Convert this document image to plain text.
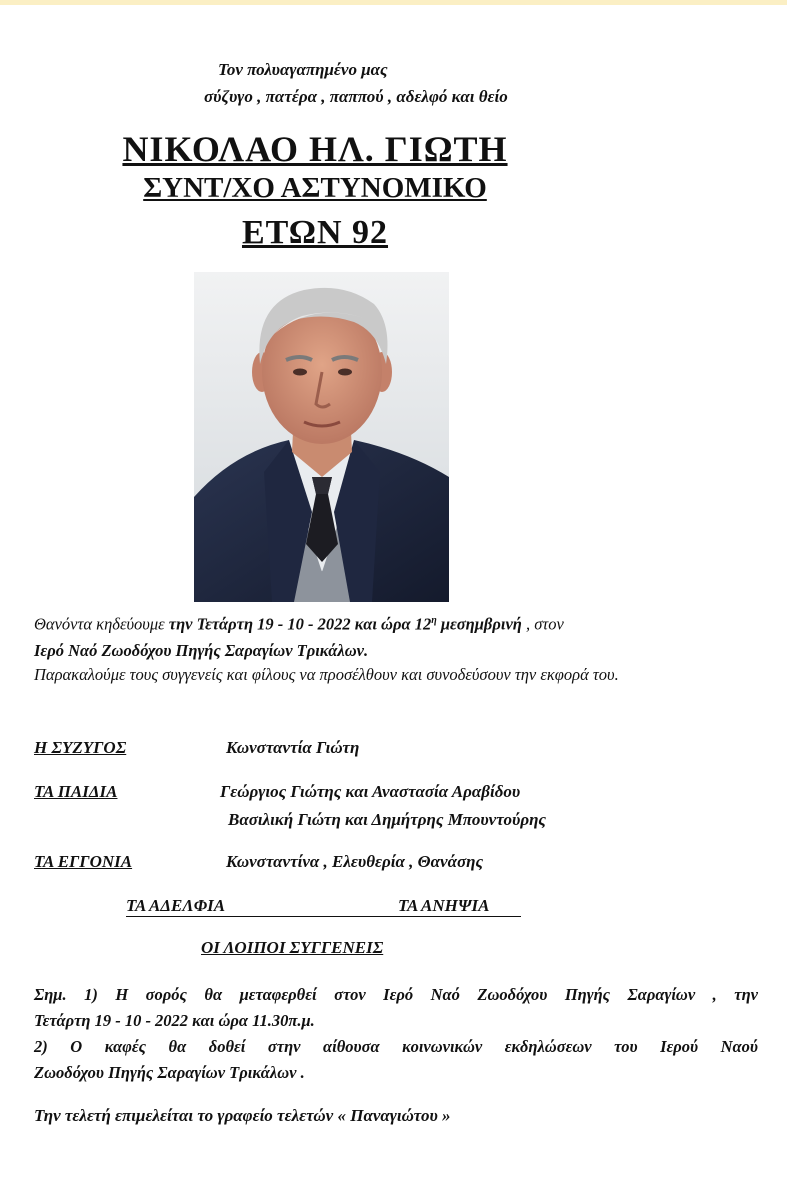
Τον πολυαγαπημένο μας
σύζυγο , πατέρα , παππού , αδελφό και θείο
ΝΙΚΟΛΑΟ ΗΛ. ΓΙΩΤΗ
ΣΥΝΤ/ΧΟ ΑΣΤΥΝΟΜΙΚΟ
ΕΤΩΝ 92
Θανόντα κηδεύουμε την Τετάρτη 19 - 10 - 2022 και ώρα $12^\eta$ μεσημβρινή , στον
Ιερό Ναό Ζωοδόχου Πηγής Σαραγίων Τρικάλων.
Παρακαλούμε τους συγγενείς και φίλους να προσέλθουν και συνοδεύσουν την εκφορά του.
Η ΣΥΖΥΓΟΣ	Κωνσταντία Γιώτη
ΤΑ ΠΑΙΔΙΑ	Γεώργιος Γιώτης και Αναστασία Αραβίδου
Βασιλική Γιώτη και Δημήτρης Μπουντούρης
ΤΑ ΕΓΓΟΝΙΑ	Κωνσταντίνα , Ελευθερία , Θανάσης
ΤΑ ΑΔΕΛΦΙΑ	ΤΑ ΑΝΗΨΙΑ
ΟΙ ΛΟΙΠΟΙ ΣΥΓΓΕΝΕΙΣ
Σημ. 1) Η σορός θα μεταφερθεί στον Ιερό Ναό Ζωοδόχου Πηγής Σαραγίων , την
Τετάρτη 19 - 10 - 2022 και ώρα 11.30π.μ.
2) Ο καφές θα δοθεί στην αίθουσα κοινωνικών εκδηλώσεων του Ιερού Ναού
Ζωοδόχου Πηγής Σαραγίων Τρικάλων .
Την τελετή επιμελείται το γραφείο τελετών « Παναγιώτου »
